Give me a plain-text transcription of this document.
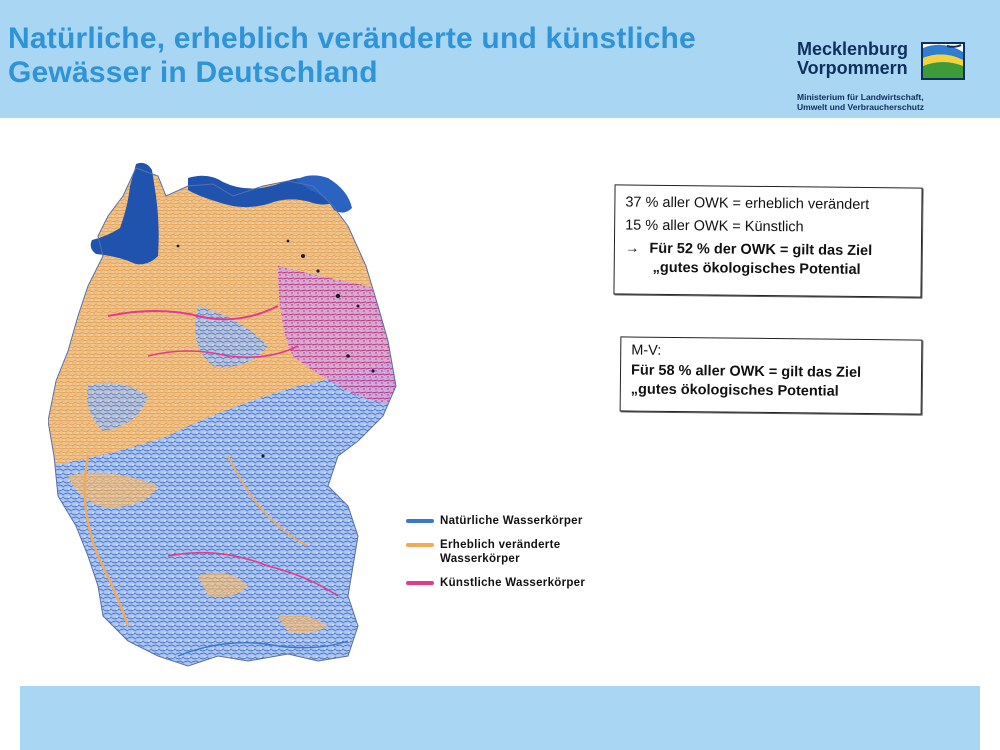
Natürliche, erheblich veränderte und künstliche
Gewässer in Deutschland
Mecklenburg
Vorpommern
Ministerium für Landwirtschaft,
Umwelt und Verbraucherschutz
37 % aller OWK = erheblich verändert
15 % aller OWK = Künstlich
→ Für 52 % der OWK = gilt das Ziel
„gutes ökologisches Potential
M-V:
Für 58 % aller OWK = gilt das Ziel
„gutes ökologisches Potential
Natürliche Wasserkörper
Erheblich veränderte Wasserkörper
Künstliche Wasserkörper
